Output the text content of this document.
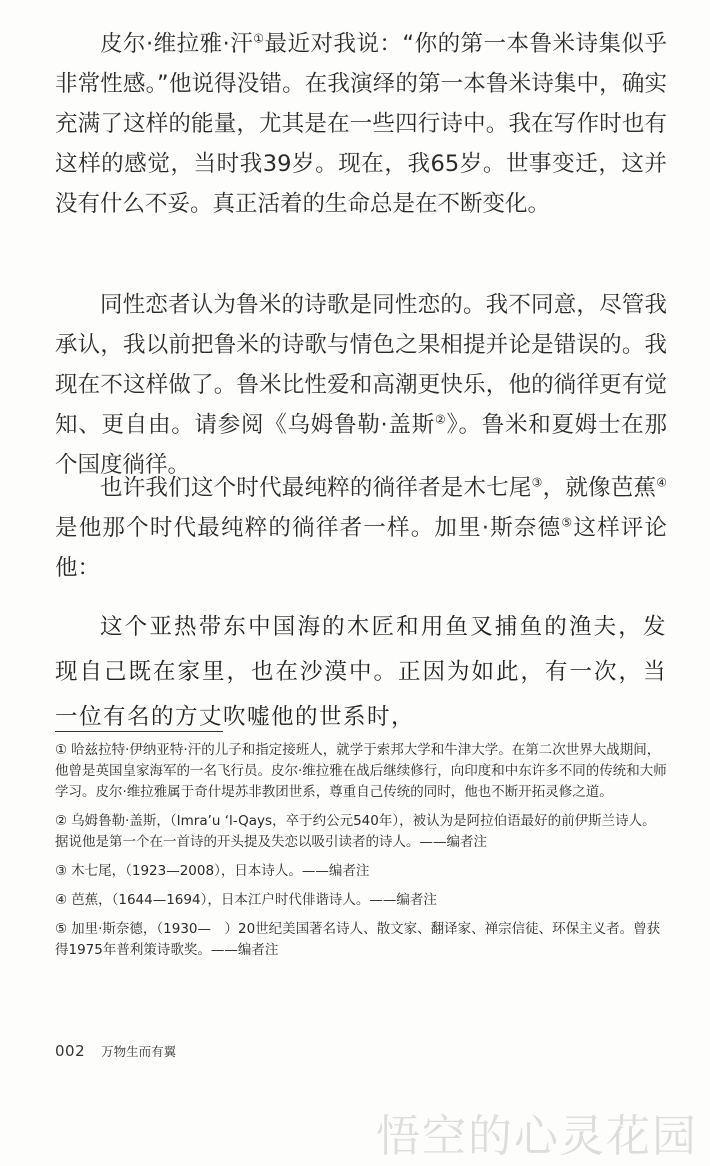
皮尔·维拉雅·汗①最近对我说：“你的第一本鲁米诗集似乎非常性感。”他说得没错。在我演绎的第一本鲁米诗集中，确实充满了这样的能量，尤其是在一些四行诗中。我在写作时也有这样的感觉，当时我39岁。现在，我65岁。世事变迁，这并没有什么不妥。真正活着的生命总是在不断变化。

同性恋者认为鲁米的诗歌是同性恋的。我不同意，尽管我承认，我以前把鲁米的诗歌与情色之果相提并论是错误的。我现在不这样做了。鲁米比性爱和高潮更快乐，他的徜徉更有觉知、更自由。请参阅《乌姆鲁勒·盖斯②》。鲁米和夏姆士在那个国度徜徉。

也许我们这个时代最纯粹的徜徉者是木七尾③，就像芭蕉④是他那个时代最纯粹的徜徉者一样。加里·斯奈德⑤这样评论他：

这个亚热带东中国海的木匠和用鱼叉捕鱼的渔夫，发现自己既在家里，也在沙漠中。正因为如此，有一次，当一位有名的方丈吹嘘他的世系时，

① 哈兹拉特·伊纳亚特·汗的儿子和指定接班人，就学于索邦大学和牛津大学。在第二次世界大战期间，他曾是英国皇家海军的一名飞行员。皮尔·维拉雅在战后继续修行，向印度和中东许多不同的传统和大师学习。皮尔·维拉雅属于奇什堤苏非教团世系，尊重自己传统的同时，他也不断开拓灵修之道。

② 乌姆鲁勒·盖斯，（Imra’u ‘l-Qays，卒于约公元540年），被认为是阿拉伯语最好的前伊斯兰诗人。据说他是第一个在一首诗的开头提及失恋以吸引读者的诗人。——编者注

③ 木七尾，（1923—2008），日本诗人。——编者注

④ 芭蕉，（1644—1694），日本江户时代俳谐诗人。——编者注

⑤ 加里·斯奈德，（1930—　）20世纪美国著名诗人、散文家、翻译家、禅宗信徒、环保主义者。曾获得1975年普利策诗歌奖。——编者注

002 万物生而有翼
悟空的心灵花园
